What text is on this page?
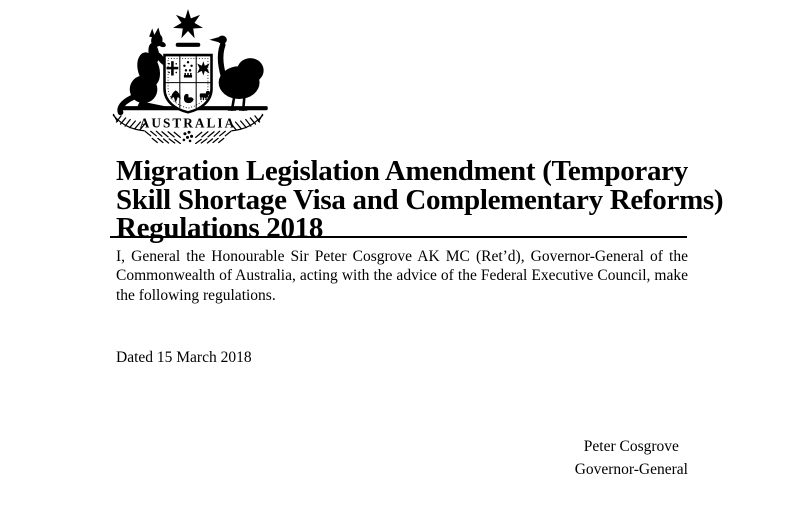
AUSTRALIA
Migration Legislation Amendment (Temporary
Skill Shortage Visa and Complementary Reforms)
Regulations 2018

I, General the Honourable Sir Peter Cosgrove AK MC (Ret’d), Governor-General of the Commonwealth of Australia, acting with the advice of the Federal Executive Council, make the following regulations.

Dated 15 March 2018

Peter Cosgrove
Governor-General
